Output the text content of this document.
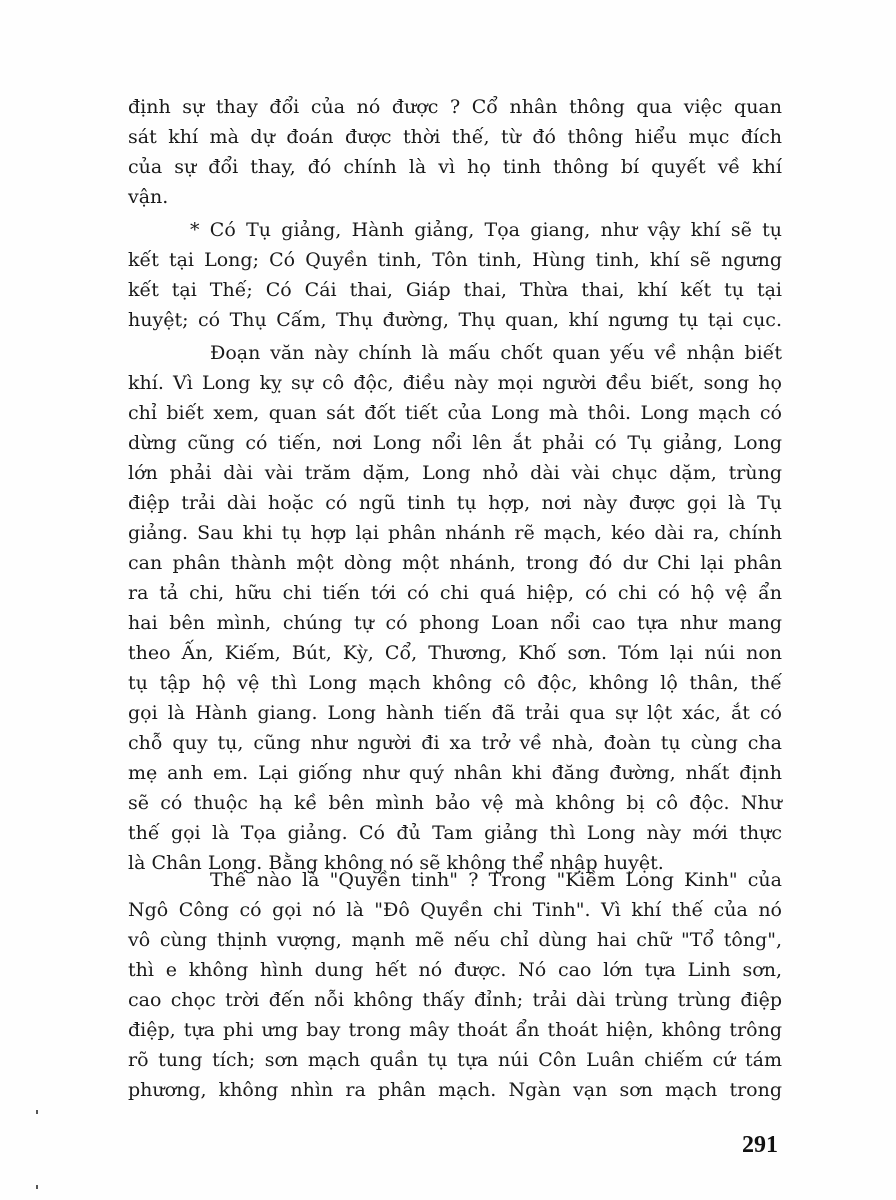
định sự thay đổi của nó được ? Cổ nhân thông qua việc quan
sát khí mà dự đoán được thời thế, từ đó thông hiểu mục đích
của sự đổi thay, đó chính là vì họ tinh thông bí quyết về khí
vận.
* Có Tụ giảng, Hành giảng, Tọa giang, như vậy khí sẽ tụ
kết tại Long; Có Quyền tinh, Tôn tinh, Hùng tinh, khí sẽ ngưng
kết tại Thế; Có Cái thai, Giáp thai, Thừa thai, khí kết tụ tại
huyệt; có Thụ Cấm, Thụ đường, Thụ quan, khí ngưng tụ tại cục.
Đoạn văn này chính là mấu chốt quan yếu về nhận biết
khí. Vì Long kỵ sự cô độc, điều này mọi người đều biết, song họ
chỉ biết xem, quan sát đốt tiết của Long mà thôi. Long mạch có
dừng cũng có tiến, nơi Long nổi lên ắt phải có Tụ giảng, Long
lớn phải dài vài trăm dặm, Long nhỏ dài vài chục dặm, trùng
điệp trải dài hoặc có ngũ tinh tụ hợp, nơi này được gọi là Tụ
giảng. Sau khi tụ hợp lại phân nhánh rẽ mạch, kéo dài ra, chính
can phân thành một dòng một nhánh, trong đó dư Chi lại phân
ra tả chi, hữu chi tiến tới có chi quá hiệp, có chi có hộ vệ ẩn
hai bên mình, chúng tự có phong Loan nổi cao tựa như mang
theo Ấn, Kiếm, Bút, Kỳ, Cổ, Thương, Khố sơn. Tóm lại núi non
tụ tập hộ vệ thì Long mạch không cô độc, không lộ thân, thế
gọi là Hành giang. Long hành tiến đã trải qua sự lột xác, ắt có
chỗ quy tụ, cũng như người đi xa trở về nhà, đoàn tụ cùng cha
mẹ anh em. Lại giống như quý nhân khi đăng đường, nhất định
sẽ có thuộc hạ kề bên mình bảo vệ mà không bị cô độc. Như
thế gọi là Tọa giảng. Có đủ Tam giảng thì Long này mới thực
là Chân Long. Bằng không nó sẽ không thể nhập huyệt.
Thế nào là "Quyền tinh" ? Trong "Kiềm Long Kinh" của
Ngô Công có gọi nó là "Đô Quyền chi Tinh". Vì khí thế của nó
vô cùng thịnh vượng, mạnh mẽ nếu chỉ dùng hai chữ "Tổ tông",
thì e không hình dung hết nó được. Nó cao lớn tựa Linh sơn,
cao chọc trời đến nỗi không thấy đỉnh; trải dài trùng trùng điệp
điệp, tựa phi ưng bay trong mây thoát ẩn thoát hiện, không trông
rõ tung tích; sơn mạch quần tụ tựa núi Côn Luân chiếm cứ tám
phương, không nhìn ra phân mạch. Ngàn vạn sơn mạch trong
291
